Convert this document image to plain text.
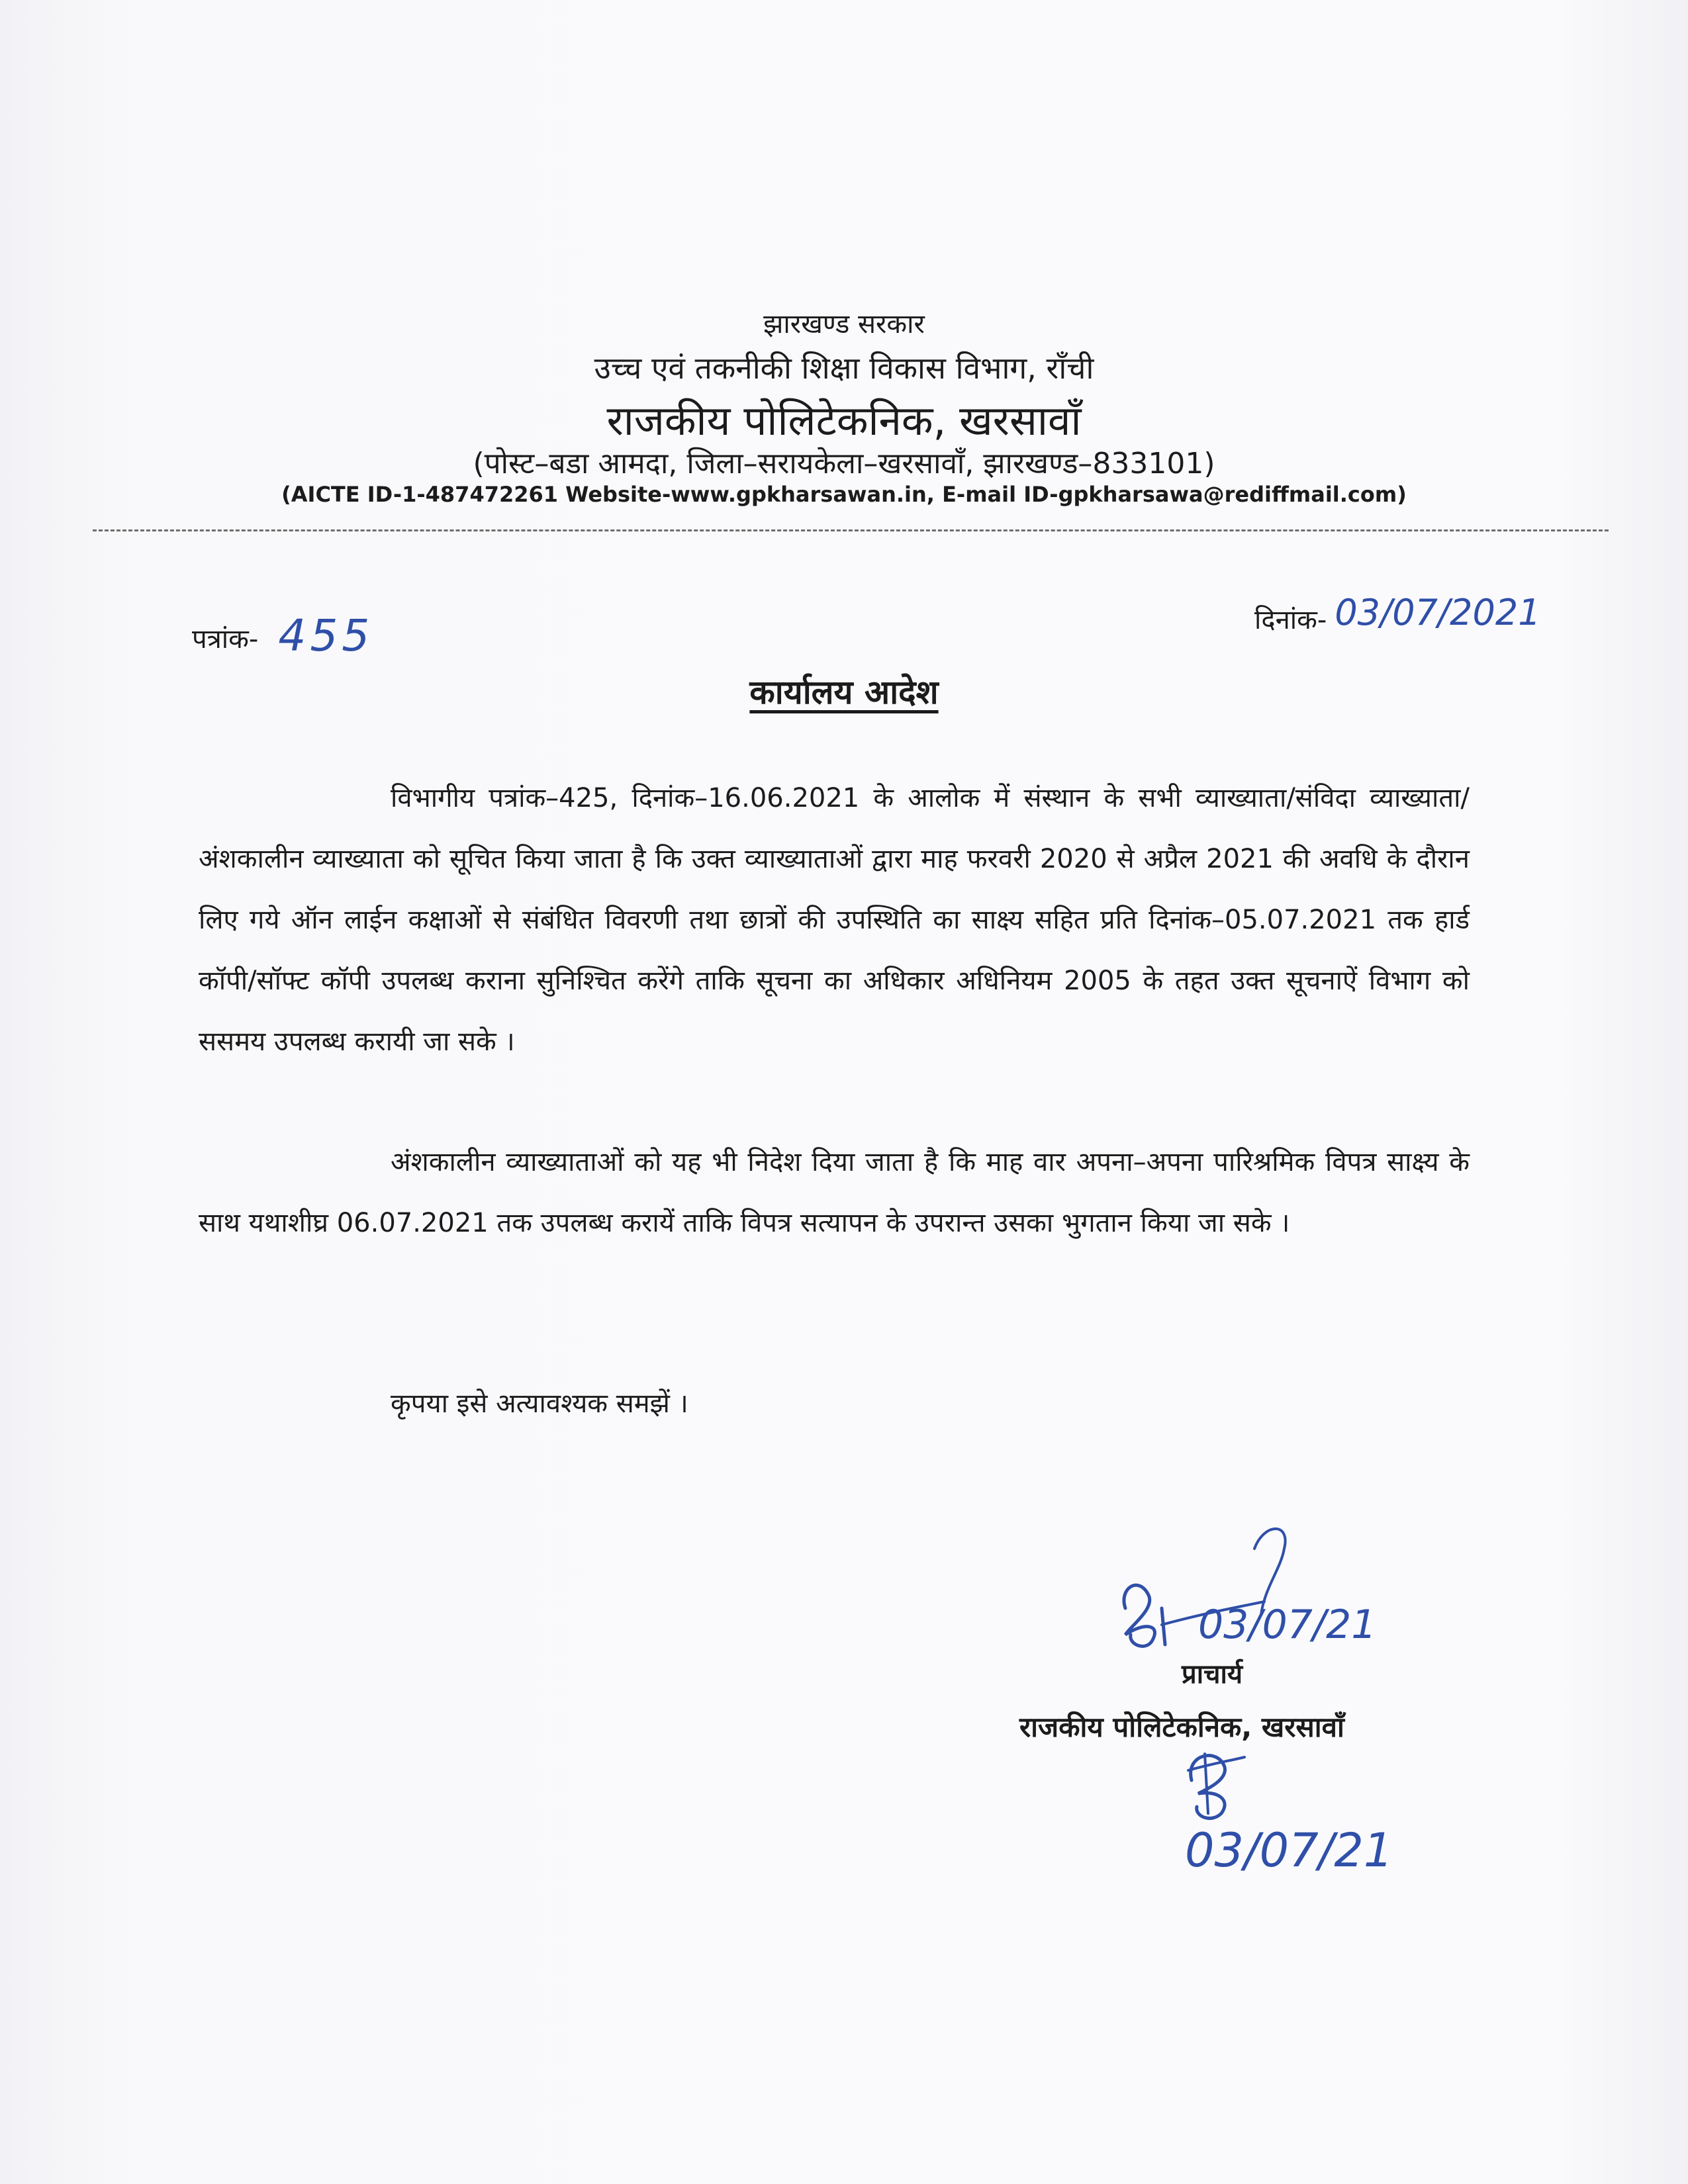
झारखण्ड सरकार
उच्च एवं तकनीकी शिक्षा विकास विभाग, राँची
राजकीय पोलिटेकनिक, खरसावाँ
(पोस्ट–बडा आमदा, जिला–सरायकेला–खरसावाँ, झारखण्ड–833101)
(AICTE ID-1-487472261 Website-www.gpkharsawan.in, E-mail ID-gpkharsawa@rediffmail.com)
पत्रांक- 455	दिनांक- 03/07/2021
कार्यालय आदेश

विभागीय पत्रांक–425, दिनांक–16.06.2021 के आलोक में संस्थान के सभी व्याख्याता/संविदा व्याख्याता/अंशकालीन व्याख्याता को सूचित किया जाता है कि उक्त व्याख्याताओं द्वारा माह फरवरी 2020 से अप्रैल 2021 की अवधि के दौरान लिए गये ऑन लाईन कक्षाओं से संबंधित विवरणी तथा छात्रों की उपस्थिति का साक्ष्य सहित प्रति दिनांक–05.07.2021 तक हार्ड कॉपी/सॉफ्ट कॉपी उपलब्ध कराना सुनिश्चित करेंगे ताकि सूचना का अधिकार अधिनियम 2005 के तहत उक्त सूचनाऐं विभाग को ससमय उपलब्ध करायी जा सके ।

अंशकालीन व्याख्याताओं को यह भी निदेश दिया जाता है कि माह वार अपना–अपना पारिश्रमिक विपत्र साक्ष्य के साथ यथाशीघ्र 06.07.2021 तक उपलब्ध करायें ताकि विपत्र सत्यापन के उपरान्त उसका भुगतान किया जा सके ।

कृपया इसे अत्यावश्यक समझें ।

03/07/21
प्राचार्य
राजकीय पोलिटेकनिक, खरसावाँ
03/07/21
